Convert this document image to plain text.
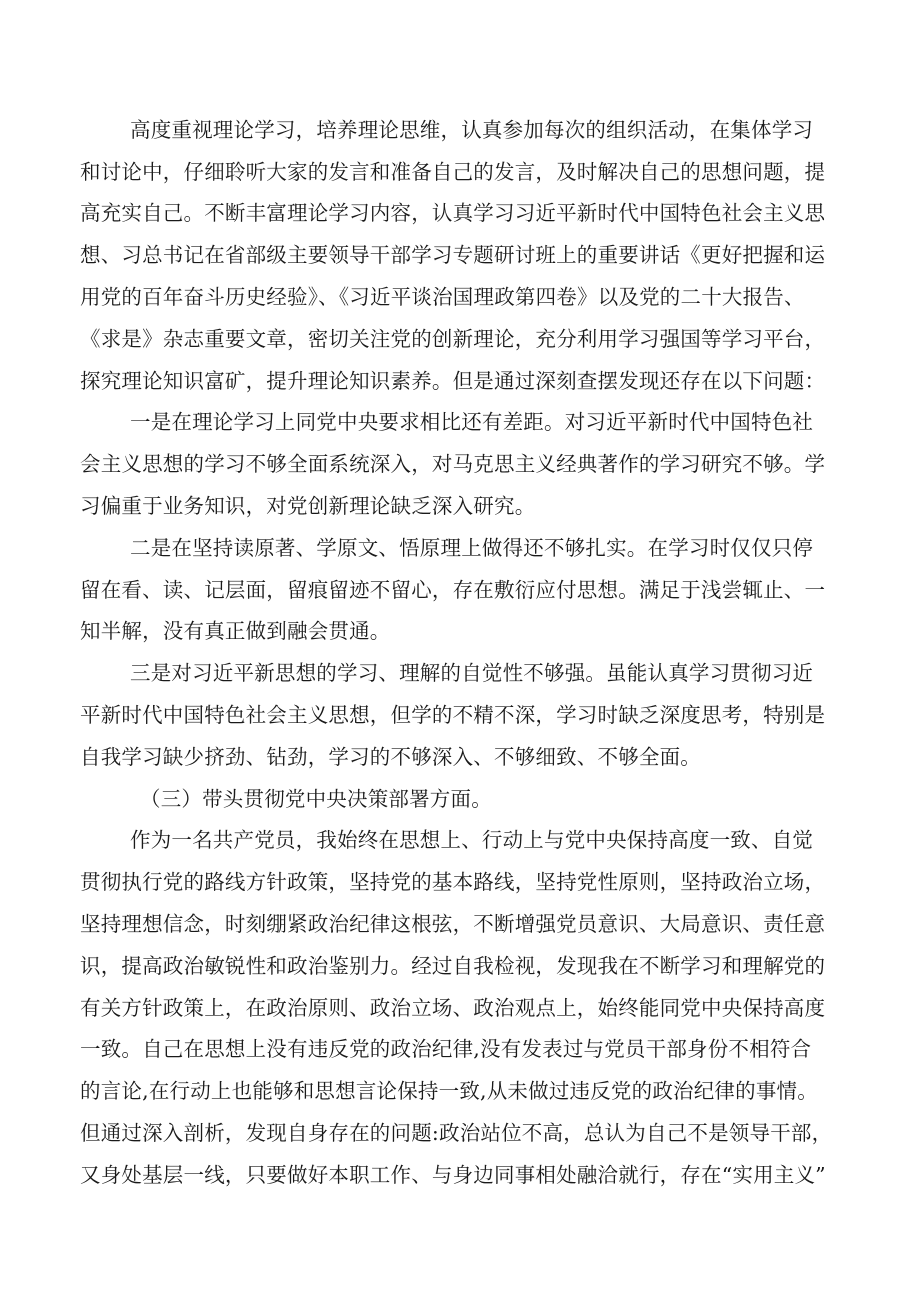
高度重视理论学习，培养理论思维，认真参加每次的组织活动，在集体学习
和讨论中，仔细聆听大家的发言和准备自己的发言，及时解决自己的思想问题，提
高充实自己。不断丰富理论学习内容，认真学习习近平新时代中国特色社会主义思
想、习总书记在省部级主要领导干部学习专题研讨班上的重要讲话《更好把握和运
用党的百年奋斗历史经验》、《习近平谈治国理政第四卷》以及党的二十大报告、
《求是》杂志重要文章，密切关注党的创新理论，充分利用学习强国等学习平台，
探究理论知识富矿，提升理论知识素养。但是通过深刻查摆发现还存在以下问题：
一是在理论学习上同党中央要求相比还有差距。对习近平新时代中国特色社
会主义思想的学习不够全面系统深入，对马克思主义经典著作的学习研究不够。学
习偏重于业务知识，对党创新理论缺乏深入研究。
二是在坚持读原著、学原文、悟原理上做得还不够扎实。在学习时仅仅只停
留在看、读、记层面，留痕留迹不留心，存在敷衍应付思想。满足于浅尝辄止、一
知半解，没有真正做到融会贯通。
三是对习近平新思想的学习、理解的自觉性不够强。虽能认真学习贯彻习近
平新时代中国特色社会主义思想，但学的不精不深，学习时缺乏深度思考，特别是
自我学习缺少挤劲、钻劲，学习的不够深入、不够细致、不够全面。
（三）带头贯彻党中央决策部署方面。
作为一名共产党员，我始终在思想上、行动上与党中央保持高度一致、自觉
贯彻执行党的路线方针政策，坚持党的基本路线，坚持党性原则，坚持政治立场，
坚持理想信念，时刻绷紧政治纪律这根弦，不断增强党员意识、大局意识、责任意
识，提高政治敏锐性和政治鉴别力。经过自我检视，发现我在不断学习和理解党的
有关方针政策上，在政治原则、政治立场、政治观点上，始终能同党中央保持高度
一致。自己在思想上没有违反党的政治纪律,没有发表过与党员干部身份不相符合
的言论,在行动上也能够和思想言论保持一致,从未做过违反党的政治纪律的事情。
但通过深入剖析，发现自身存在的问题:政治站位不高，总认为自己不是领导干部，
又身处基层一线，只要做好本职工作、与身边同事相处融洽就行，存在“实用主义”
